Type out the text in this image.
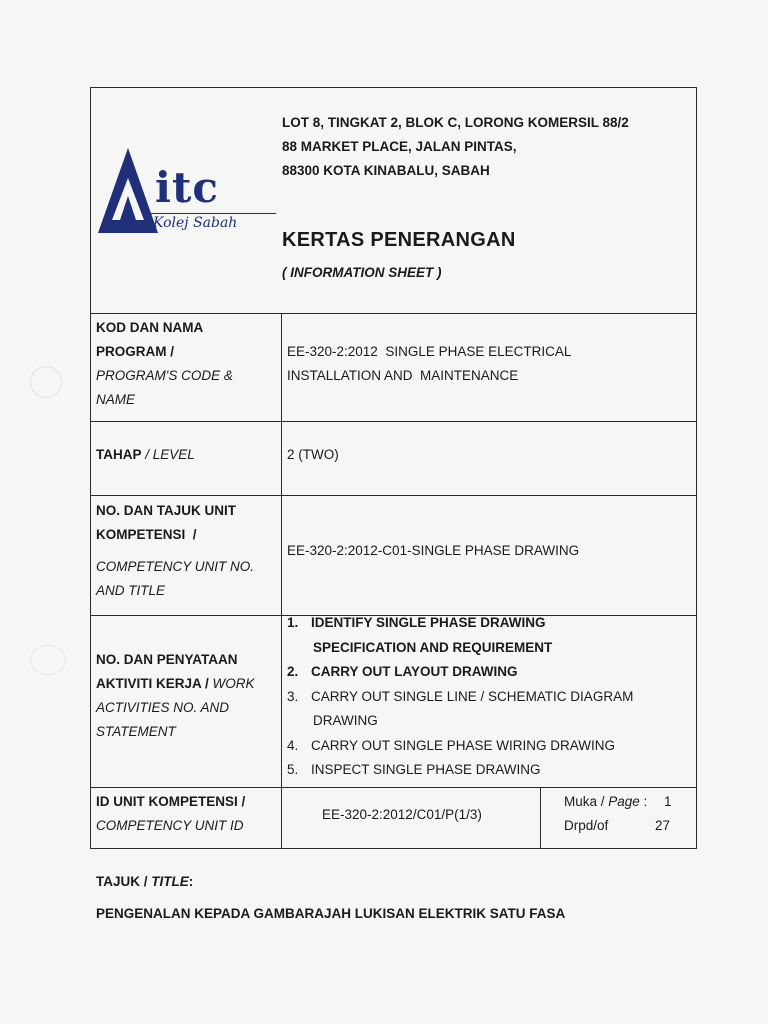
itc
Kolej Sabah
LOT 8, TINGKAT 2, BLOK C, LORONG KOMERSIL 88/2
88 MARKET PLACE, JALAN PINTAS,
88300 KOTA KINABALU, SABAH
KERTAS PENERANGAN
( INFORMATION SHEET )
KOD DAN NAMA
PROGRAM /
PROGRAM'S CODE &
NAME
EE-320-2:2012  SINGLE PHASE ELECTRICAL
INSTALLATION AND  MAINTENANCE
TAHAP / LEVEL	2 (TWO)
NO. DAN TAJUK UNIT
KOMPETENSI  /
COMPETENCY UNIT NO.
AND TITLE
EE-320-2:2012-C01-SINGLE PHASE DRAWING
NO. DAN PENYATAAN
AKTIVITI KERJA / WORK
ACTIVITIES NO. AND
STATEMENT
1. IDENTIFY SINGLE PHASE DRAWING
SPECIFICATION AND REQUIREMENT
2. CARRY OUT LAYOUT DRAWING
3. CARRY OUT SINGLE LINE / SCHEMATIC DIAGRAM
DRAWING
4. CARRY OUT SINGLE PHASE WIRING DRAWING
5. INSPECT SINGLE PHASE DRAWING
ID UNIT KOMPETENSI /
COMPETENCY UNIT ID
EE-320-2:2012/C01/P(1/3)
Muka / Page : 1
Drpd/of	27
TAJUK / TITLE:
PENGENALAN KEPADA GAMBARAJAH LUKISAN ELEKTRIK SATU FASA
